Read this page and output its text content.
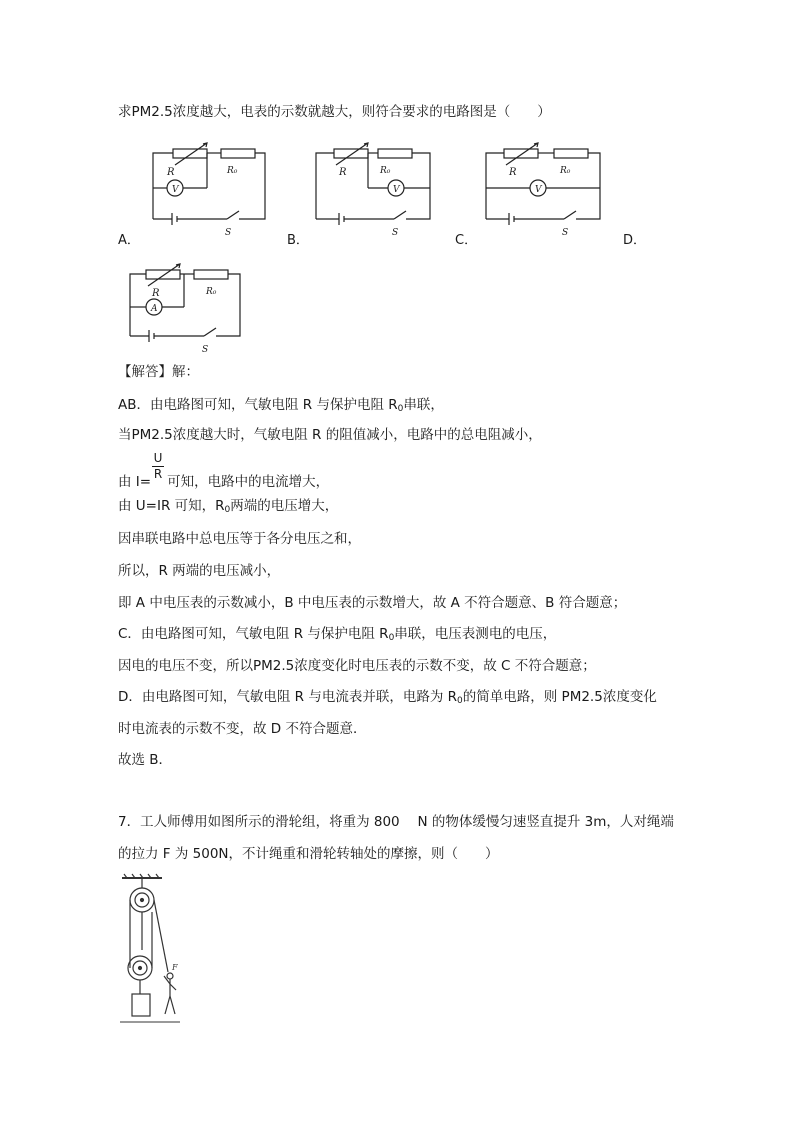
求PM2.5浓度越大，电表的示数就越大，则符合要求的电路图是（　　）
R	R₀
V
S
A．
R	R₀
V
S
B．
R	R₀
V
S
C．	D．
R	R₀
A
S
【解答】解：
AB．由电路图可知，气敏电阻 R 与保护电阻 $R_0$串联，
当PM2.5浓度越大时，气敏电阻 R 的阻值减小，电路中的总电阻减小，
U
R
由 I= 可知，电路中的电流增大，
由 U=IR 可知，$R_0$两端的电压增大，
因串联电路中总电压等于各分电压之和，
所以，R 两端的电压减小，
即 A 中电压表的示数减小，B 中电压表的示数增大，故 A 不符合题意、B 符合题意；
C．由电路图可知，气敏电阻 R 与保护电阻 $R_0$串联，电压表测电的电压，
因电的电压不变，所以PM2.5浓度变化时电压表的示数不变，故 C 不符合题意；
D．由电路图可知，气敏电阻 R 与电流表并联，电路为 $R_0$的简单电路，则 PM2.5浓度变化
时电流表的示数不变，故 D 不符合题意．
故选 B．
7．工人师傅用如图所示的滑轮组，将重为 800　 N 的物体缓慢匀速竖直提升 3m，人对绳端
的拉力 F 为 500N，不计绳重和滑轮转轴处的摩擦，则（　　）
F
